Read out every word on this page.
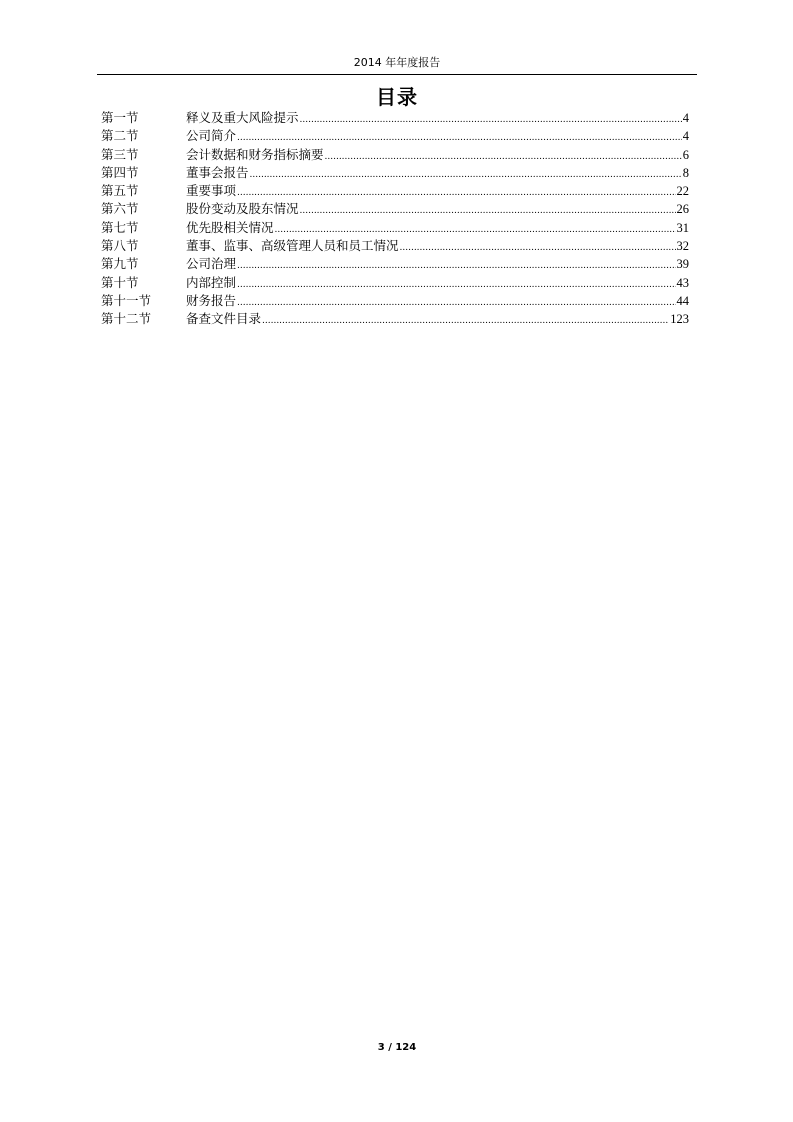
2014 年年度报告
目录
第一节	释义及重大风险提示 .....	4
第二节	公司简介 .....	4
第三节	会计数据和财务指标摘要 .....	6
第四节	董事会报告 .....	8
第五节	重要事项 .....	22
第六节	股份变动及股东情况 .....	26
第七节	优先股相关情况 .....	31
第八节	董事、监事、高级管理人员和员工情况 .....	32
第九节	公司治理 .....	39
第十节	内部控制 .....	43
第十一节	财务报告 .....	44
第十二节	备查文件目录 .....	123
3 / 124
